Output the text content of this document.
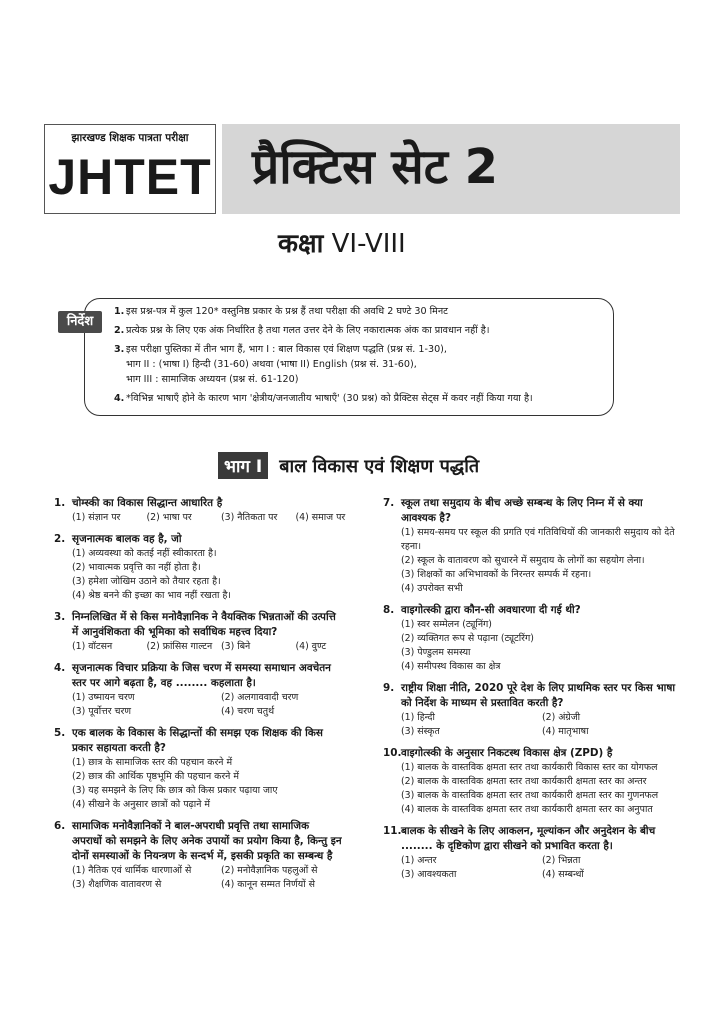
झारखण्ड शिक्षक पात्रता परीक्षा
JHTET प्रैक्टिस सेट 2
कक्षा VI-VIII
निर्देश
1. इस प्रश्न-पत्र में कुल 120* वस्तुनिष्ठ प्रकार के प्रश्न हैं तथा परीक्षा की अवधि 2 घण्टे 30 मिनट
2. प्रत्येक प्रश्न के लिए एक अंक निर्धारित है तथा गलत उत्तर देने के लिए नकारात्मक अंक का प्रावधान नहीं है।
3. इस परीक्षा पुस्तिका में तीन भाग हैं, भाग I : बाल विकास एवं शिक्षण पद्धति (प्रश्न सं. 1-30),
भाग II : (भाषा I) हिन्दी (31-60) अथवा (भाषा II) English (प्रश्न सं. 31-60),
भाग III : सामाजिक अध्ययन (प्रश्न सं. 61-120)
4. *विभिन्न भाषाएँ होने के कारण भाग 'क्षेत्रीय/जनजातीय भाषाएँ' (30 प्रश्न) को प्रैक्टिस सेट्स में कवर नहीं किया गया है।
भाग I बाल विकास एवं शिक्षण पद्धति
1. चोम्स्की का विकास सिद्धान्त आधारित है
(1) संज्ञान पर	(2) भाषा पर	(3) नैतिकता पर	(4) समाज पर
2. सृजनात्मक बालक वह है, जो
(1) अव्यवस्था को कतई नहीं स्वीकारता है।
(2) भावात्मक प्रवृत्ति का नहीं होता है।
(3) हमेशा जोखिम उठाने को तैयार रहता है।
(4) श्रेष्ठ बनने की इच्छा का भाव नहीं रखता है।
3. निम्नलिखित में से किस मनोवैज्ञानिक ने वैयक्तिक भिन्नताओं की उत्पत्ति
में आनुवंशिकता की भूमिका को सर्वाधिक महत्त्व दिया?
(1) वॉटसन	(2) फ्रांसिस गाल्टन (3) बिने	(4) वुण्ट
4. सृजनात्मक विचार प्रक्रिया के जिस चरण में समस्या समाधान अवचेतन
स्तर पर आगे बढ़ता है, वह ........ कहलाता है।
(1) उष्मायन चरण	(2) अलगाववादी चरण
(3) पूर्वोत्तर चरण	(4) चरण चतुर्थ
5. एक बालक के विकास के सिद्धान्तों की समझ एक शिक्षक की किस
प्रकार सहायता करती है?
(1) छात्र के सामाजिक स्तर की पहचान करने में
(2) छात्र की आर्थिक पृष्ठभूमि की पहचान करने में
(3) यह समझने के लिए कि छात्र को किस प्रकार पढ़ाया जाए
(4) सीखने के अनुसार छात्रों को पढ़ाने में
6. सामाजिक मनोवैज्ञानिकों ने बाल-अपराधी प्रवृत्ति तथा सामाजिक
अपराधों को समझने के लिए अनेक उपायों का प्रयोग किया है, किन्तु इन
दोनों समस्याओं के नियन्त्रण के सन्दर्भ में, इसकी प्रकृति का सम्बन्ध है
(1) नैतिक एवं धार्मिक धारणाओं से	(2) मनोवैज्ञानिक पहलुओं से
(3) शैक्षणिक वातावरण से	(4) कानून सम्मत निर्णयों से
7. स्कूल तथा समुदाय के बीच अच्छे सम्बन्ध के लिए निम्न में से क्या
आवश्यक है?
(1) समय-समय पर स्कूल की प्रगति एवं गतिविधियों की जानकारी समुदाय को देते रहना।
(2) स्कूल के वातावरण को सुधारने में समुदाय के लोगों का सहयोग लेना।
(3) शिक्षकों का अभिभावकों के निरन्तर सम्पर्क में रहना।
(4) उपरोक्त सभी
8. वाइगोत्स्की द्वारा कौन-सी अवधारणा दी गई थी?
(1) स्वर सम्मेलन (ट्यूनिंग)
(2) व्यक्तिगत रूप से पढ़ाना (ट्यूटरिंग)
(3) पेण्डुलम समस्या
(4) समीपस्थ विकास का क्षेत्र
9. राष्ट्रीय शिक्षा नीति, 2020 पूरे देश के लिए प्राथमिक स्तर पर किस भाषा
को निर्देश के माध्यम से प्रस्तावित करती है?
(1) हिन्दी	(2) अंग्रेजी
(3) संस्कृत	(4) मातृभाषा
10. वाइगोत्स्की के अनुसार निकटस्थ विकास क्षेत्र (ZPD) है
(1) बालक के वास्तविक क्षमता स्तर तथा कार्यकारी विकास स्तर का योगफल
(2) बालक के वास्तविक क्षमता स्तर तथा कार्यकारी क्षमता स्तर का अन्तर
(3) बालक के वास्तविक क्षमता स्तर तथा कार्यकारी क्षमता स्तर का गुणनफल
(4) बालक के वास्तविक क्षमता स्तर तथा कार्यकारी क्षमता स्तर का अनुपात
11. बालक के सीखने के लिए आकलन, मूल्यांकन और अनुदेशन के बीच
........ के दृष्टिकोण द्वारा सीखने को प्रभावित करता है।
(1) अन्तर	(2) भिन्नता
(3) आवश्यकता	(4) सम्बन्धों
